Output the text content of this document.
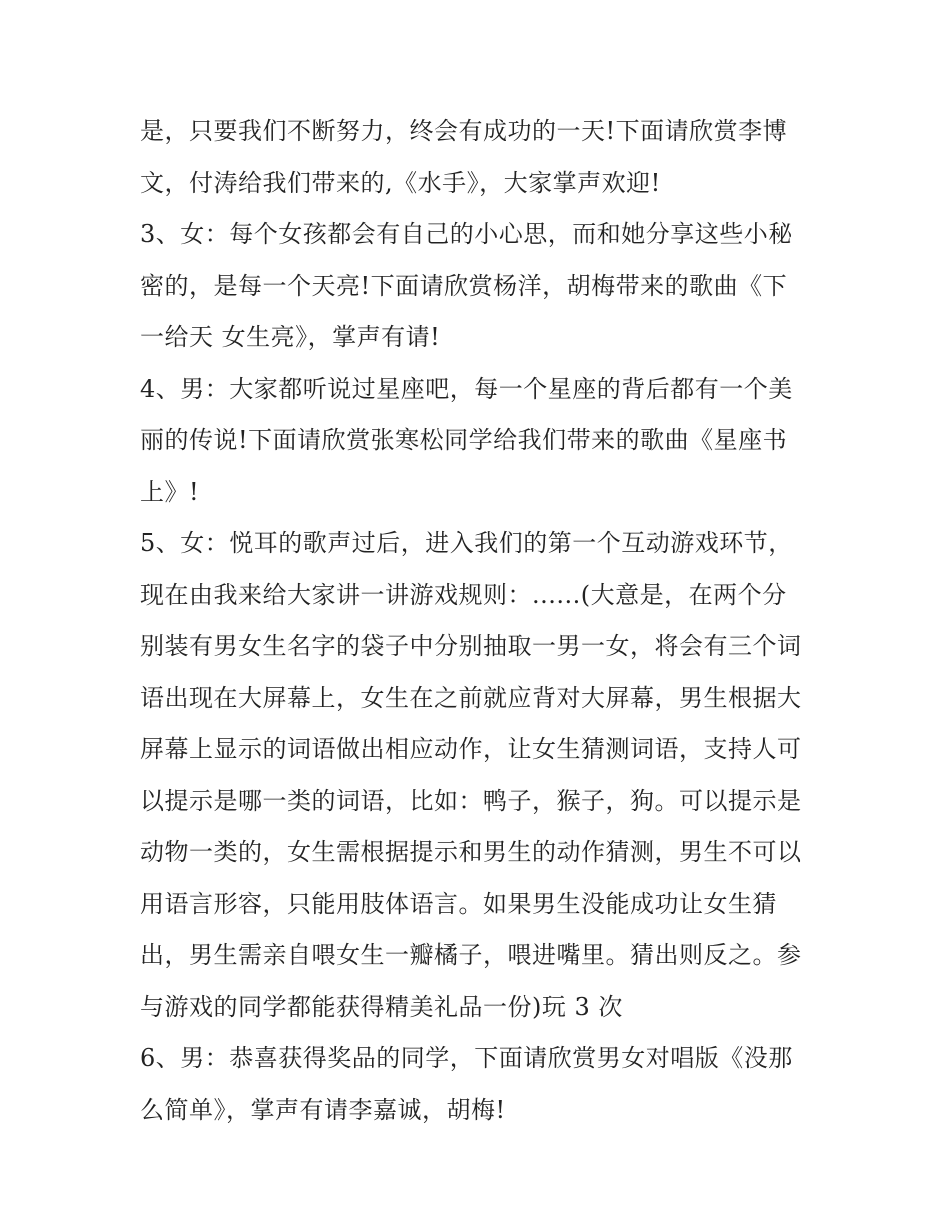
是，只要我们不断努力，终会有成功的一天!下面请欣赏李博
文，付涛给我们带来的,《水手》，大家掌声欢迎!
3、女：每个女孩都会有自己的小心思，而和她分享这些小秘
密的，是每一个天亮!下面请欣赏杨洋，胡梅带来的歌曲《下
一给天 女生亮》，掌声有请!
4、男：大家都听说过星座吧，每一个星座的背后都有一个美
丽的传说!下面请欣赏张寒松同学给我们带来的歌曲《星座书
上》!
5、女：悦耳的歌声过后，进入我们的第一个互动游戏环节，
现在由我来给大家讲一讲游戏规则：......(大意是，在两个分
别装有男女生名字的袋子中分别抽取一男一女，将会有三个词
语出现在大屏幕上，女生在之前就应背对大屏幕，男生根据大
屏幕上显示的词语做出相应动作，让女生猜测词语，支持人可
以提示是哪一类的词语，比如：鸭子，猴子，狗。可以提示是
动物一类的，女生需根据提示和男生的动作猜测，男生不可以
用语言形容，只能用肢体语言。如果男生没能成功让女生猜
出，男生需亲自喂女生一瓣橘子，喂进嘴里。猜出则反之。参
与游戏的同学都能获得精美礼品一份)玩 3 次
6、男：恭喜获得奖品的同学，下面请欣赏男女对唱版《没那
么简单》，掌声有请李嘉诚，胡梅!
